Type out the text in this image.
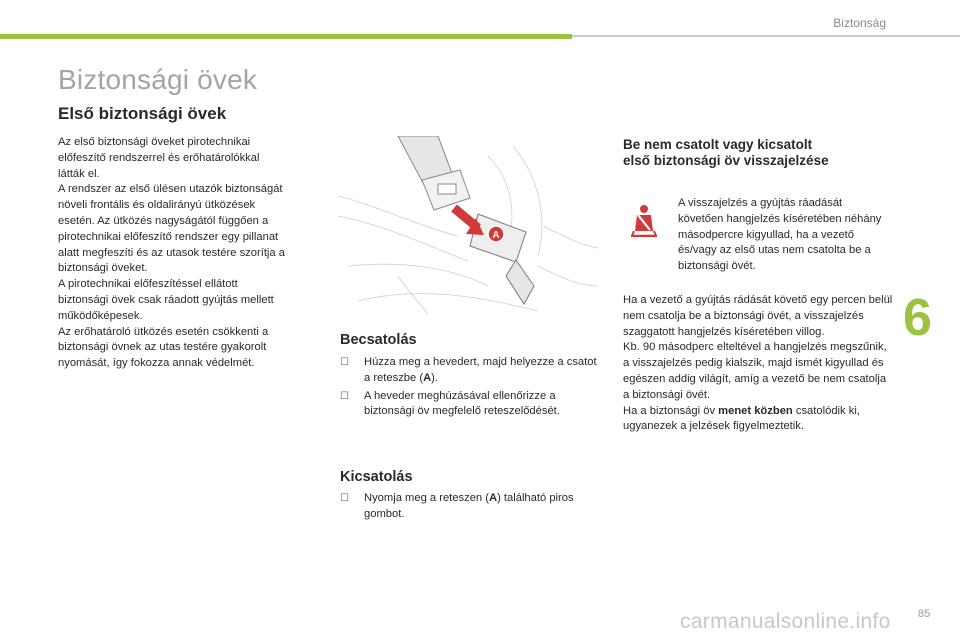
Biztonság
Biztonsági övek
Első biztonsági övek

Az első biztonsági öveket pirotechnikai előfeszítő rendszerrel és erőhatárolókkal látták el.

A rendszer az első ülésen utazók biztonságát növeli frontális és oldalirányú ütközések esetén. Az ütközés nagyságától függően a pirotechnikai előfeszítő rendszer egy pillanat alatt megfeszíti és az utasok testére szorítja a biztonsági öveket.

A pirotechnikai előfeszítéssel ellátott biztonsági övek csak ráadott gyújtás mellett működőképesek.

Az erőhatároló ütközés esetén csökkenti a biztonsági övnek az utas testére gyakorolt nyomását, így fokozza annak védelmét.

A
Becsatolás
☐ Húzza meg a hevedert, majd helyezze a csatot a reteszbe (A).
☐ A heveder meghúzásával ellenőrizze a biztonsági öv megfelelő reteszelődését.
Kicsatolás
☐ Nyomja meg a reteszen (A) található piros gombot.
Be nem csatolt vagy kicsatolt
első biztonsági öv visszajelzése
A visszajelzés a gyújtás ráadását követően hangjelzés kíséretében néhány másodpercre kigyullad, ha a vezető és/vagy az első utas nem csatolta be a biztonsági övét.

Ha a vezető a gyújtás rádását követő egy percen belül nem csatolja be a biztonsági övét, a visszajelzés szaggatott hangjelzés kíséretében villog.

Kb. 90 másodperc elteltével a hangjelzés megszűnik, a visszajelzés pedig kialszik, majd ismét kigyullad és egészen addig világít, amíg a vezető be nem csatolja a biztonsági övét.

Ha a biztonsági öv menet közben csatolódik ki, ugyanezek a jelzések figyelmeztetik.

6
carmanualsonline.info 85
